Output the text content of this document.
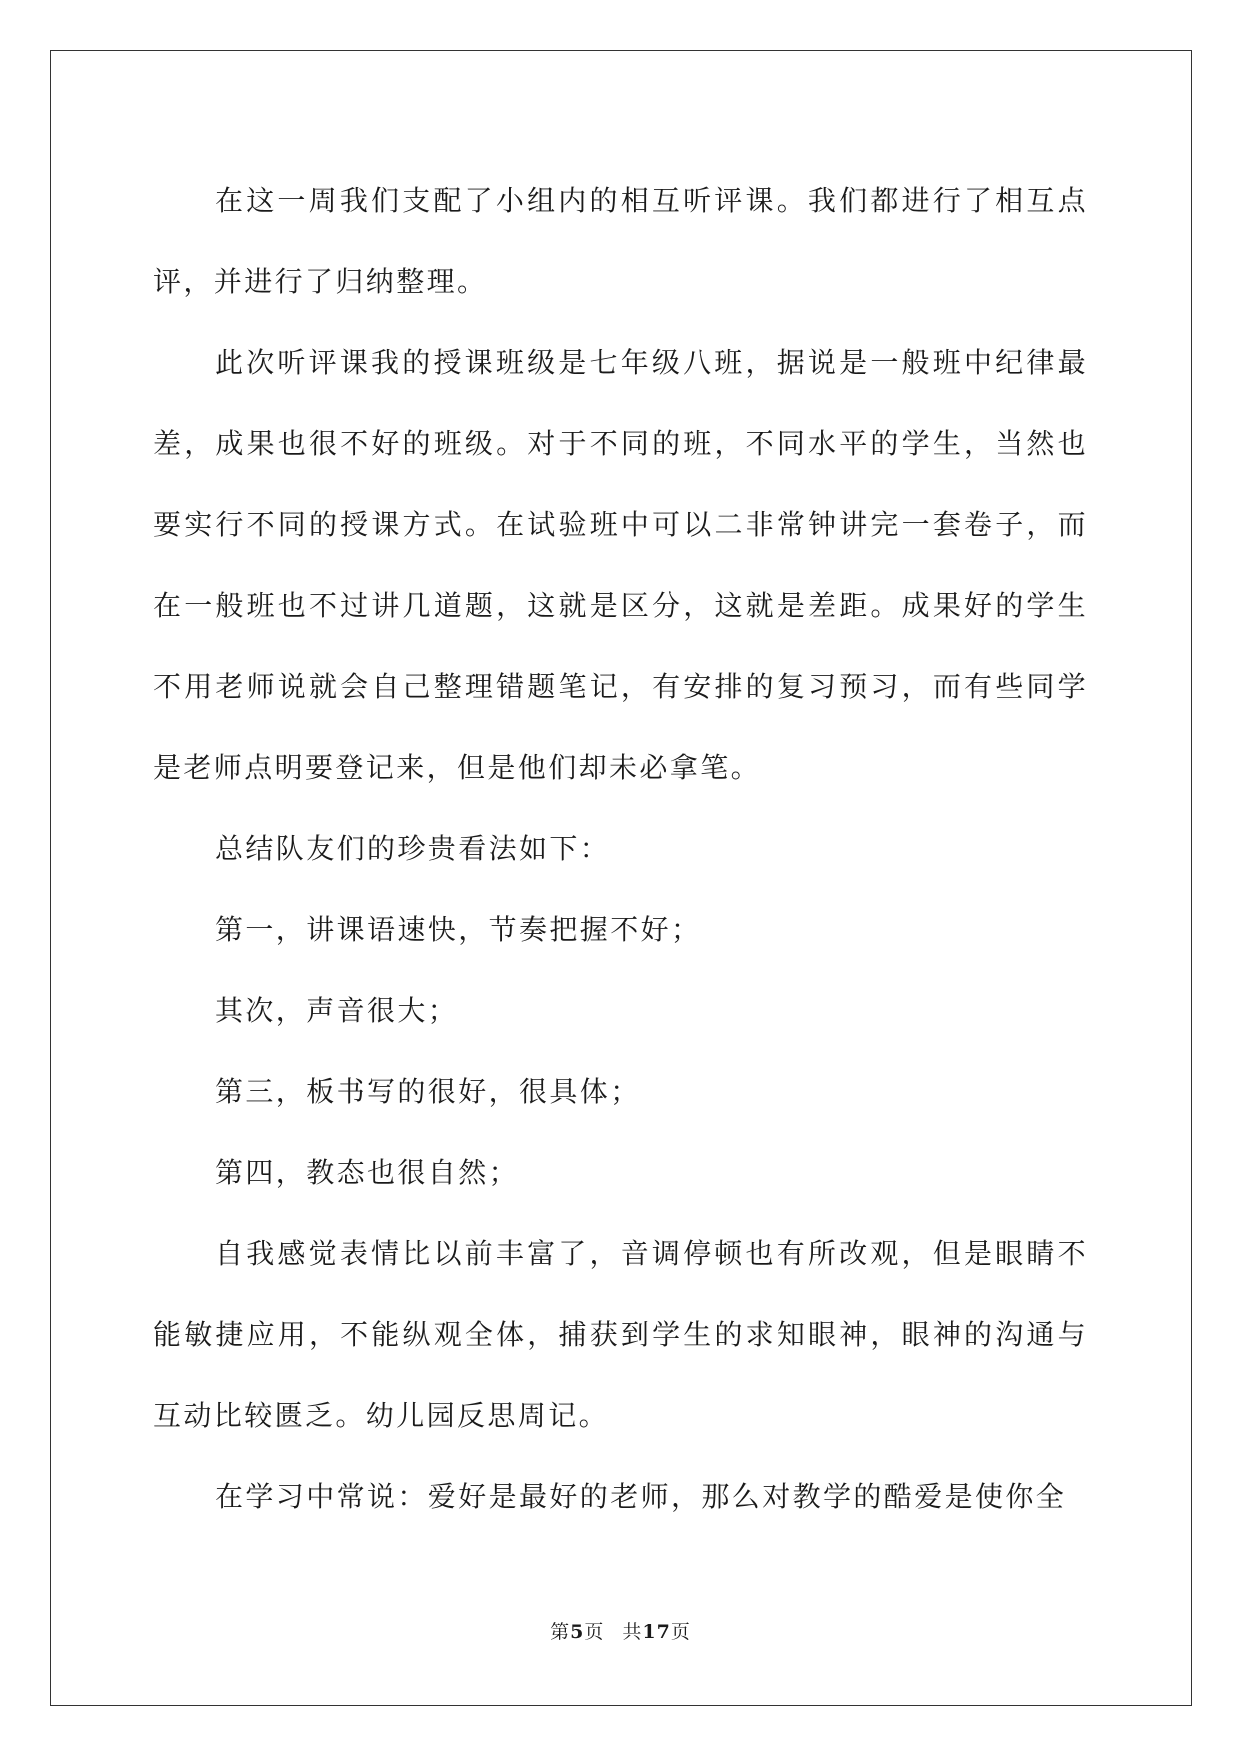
在这一周我们支配了小组内的相互听评课。我们都进行了相互点评，并进行了归纳整理。

此次听评课我的授课班级是七年级八班，据说是一般班中纪律最差，成果也很不好的班级。对于不同的班，不同水平的学生，当然也要实行不同的授课方式。在试验班中可以二非常钟讲完一套卷子，而在一般班也不过讲几道题，这就是区分，这就是差距。成果好的学生不用老师说就会自己整理错题笔记，有安排的复习预习，而有些同学是老师点明要登记来，但是他们却未必拿笔。

总结队友们的珍贵看法如下：

第一，讲课语速快，节奏把握不好；

其次，声音很大；

第三，板书写的很好，很具体；

第四，教态也很自然；

自我感觉表情比以前丰富了，音调停顿也有所改观，但是眼睛不能敏捷应用，不能纵观全体，捕获到学生的求知眼神，眼神的沟通与互动比较匮乏。幼儿园反思周记。

在学习中常说：爱好是最好的老师，那么对教学的酷爱是使你全

第5页 共17页
